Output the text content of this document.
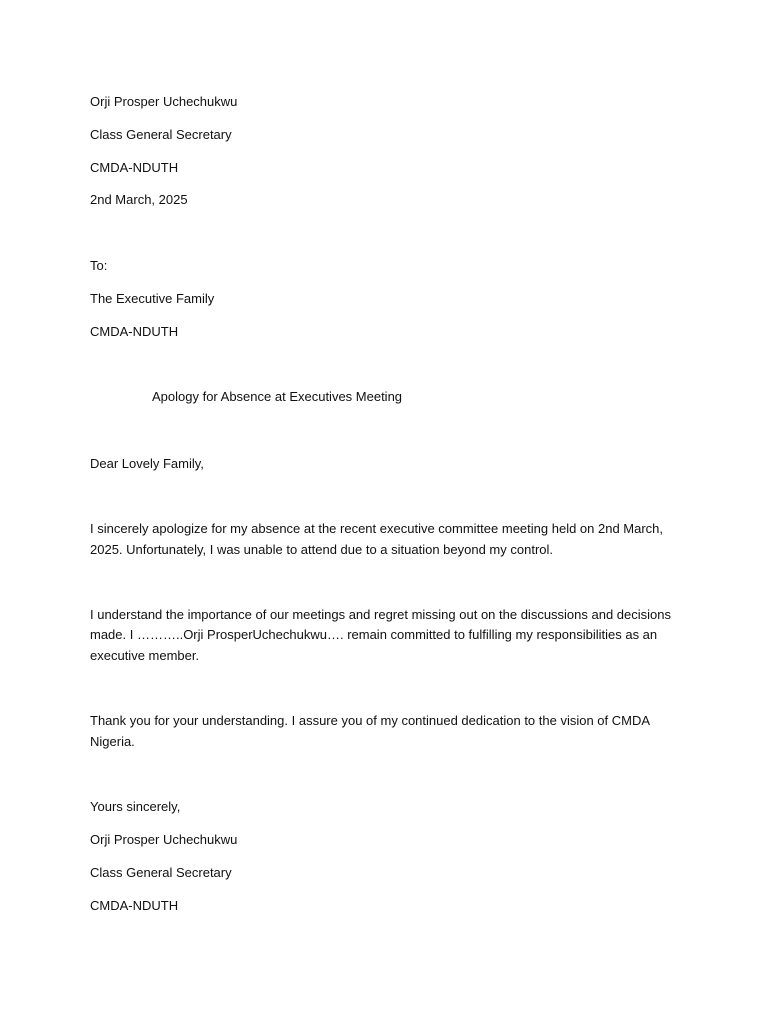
Orji Prosper Uchechukwu

Class General Secretary

CMDA-NDUTH

2nd March, 2025

To:

The Executive Family

CMDA-NDUTH

Apology for Absence at Executives Meeting

Dear Lovely Family,

I sincerely apologize for my absence at the recent executive committee meeting held on 2nd March,

2025. Unfortunately, I was unable to attend due to a situation beyond my control.

I understand the importance of our meetings and regret missing out on the discussions and decisions

made. I ………..Orji ProsperUchechukwu…. remain committed to fulfilling my responsibilities as an

executive member.

Thank you for your understanding. I assure you of my continued dedication to the vision of CMDA

Nigeria.

Yours sincerely,

Orji Prosper Uchechukwu

Class General Secretary

CMDA-NDUTH
